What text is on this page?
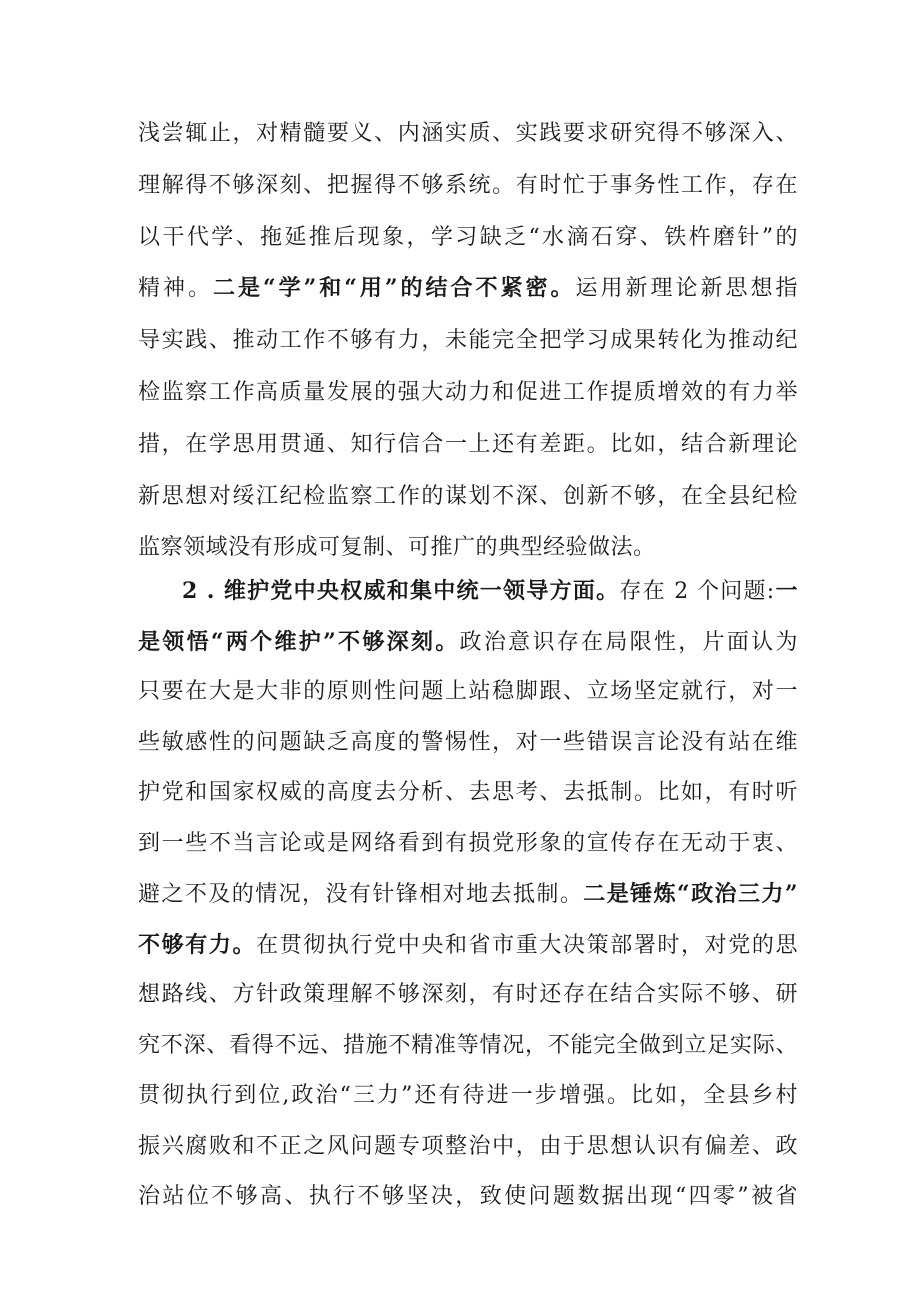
浅尝辄止，对精髓要义、内涵实质、实践要求研究得不够深入、
理解得不够深刻、把握得不够系统。有时忙于事务性工作，存在
以干代学、拖延推后现象，学习缺乏“水滴石穿、铁杵磨针”的
精神。二是“学”和“用”的结合不紧密。运用新理论新思想指
导实践、推动工作不够有力，未能完全把学习成果转化为推动纪
检监察工作高质量发展的强大动力和促进工作提质增效的有力举
措，在学思用贯通、知行信合一上还有差距。比如，结合新理论
新思想对绥江纪检监察工作的谋划不深、创新不够，在全县纪检
监察领域没有形成可复制、可推广的典型经验做法。
2 . 维护党中央权威和集中统一领导方面。存在 2 个问题:一
是领悟“两个维护”不够深刻。政治意识存在局限性，片面认为
只要在大是大非的原则性问题上站稳脚跟、立场坚定就行，对一
些敏感性的问题缺乏高度的警惕性，对一些错误言论没有站在维
护党和国家权威的高度去分析、去思考、去抵制。比如，有时听
到一些不当言论或是网络看到有损党形象的宣传存在无动于衷、
避之不及的情况，没有针锋相对地去抵制。二是锤炼“政治三力”
不够有力。在贯彻执行党中央和省市重大决策部署时，对党的思
想路线、方针政策理解不够深刻，有时还存在结合实际不够、研
究不深、看得不远、措施不精准等情况，不能完全做到立足实际、
贯彻执行到位,政治“三力”还有待进一步增强。比如，全县乡村
振兴腐败和不正之风问题专项整治中，由于思想认识有偏差、政
治站位不够高、执行不够坚决，致使问题数据出现“四零”被省
